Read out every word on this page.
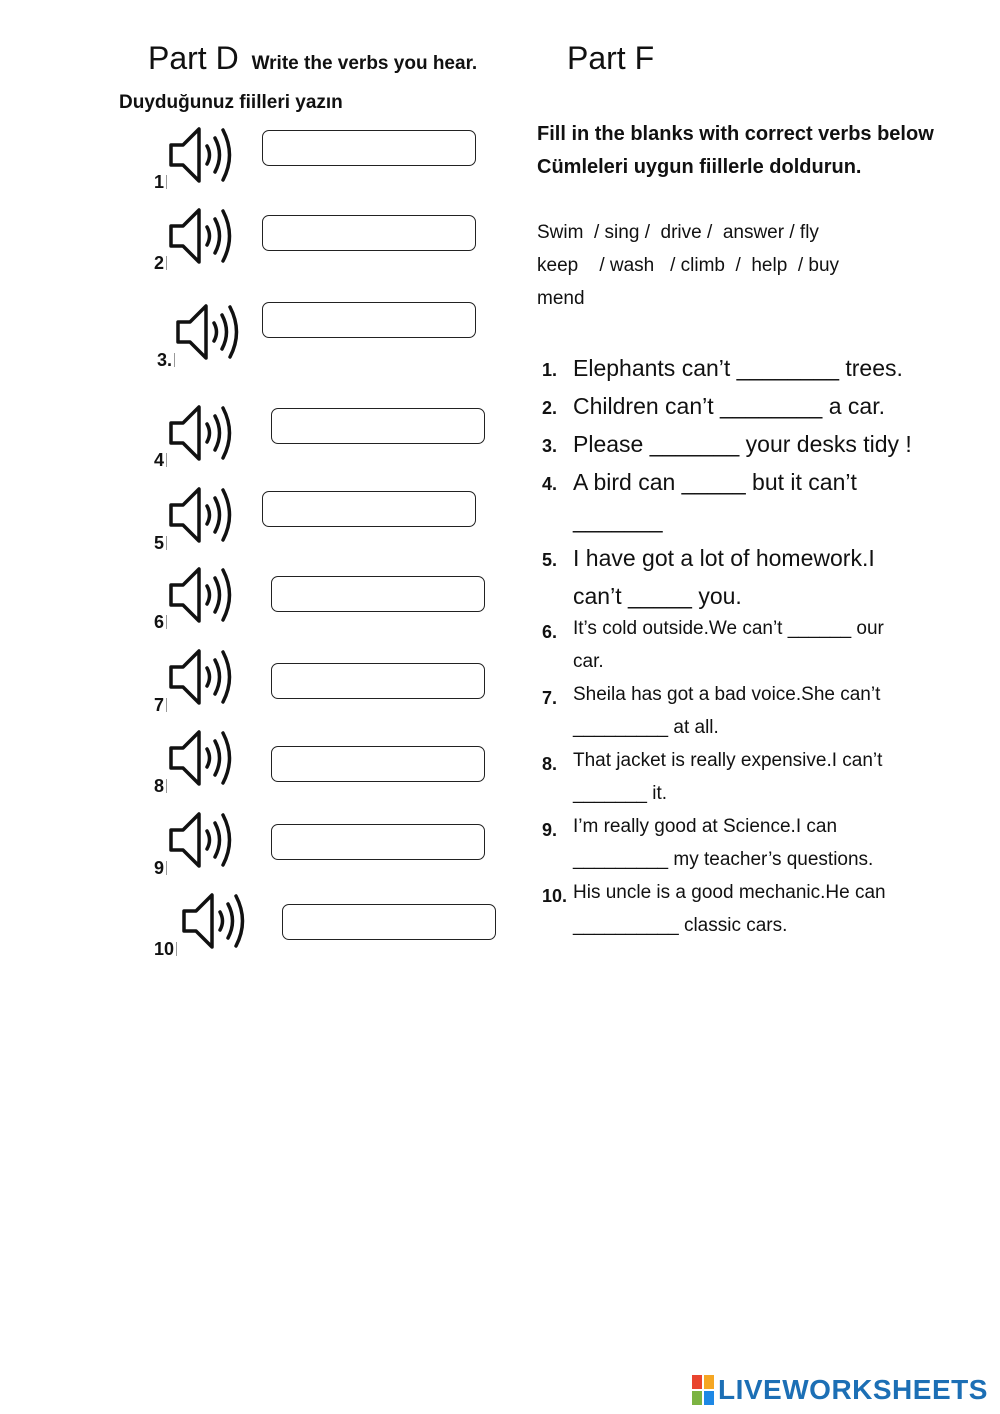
Part D Write the verbs you hear.
Duyduğunuz fiilleri yazın
1
2
3.
4
5
6
7
8
9
10
Part F
Fill in the blanks with correct verbs below
Cümleleri uygun fiillerle doldurun.
Swim  / sing /  drive /  answer / fly
keep    / wash   / climb  /  help  / buy
mend
1. Elephants can’t ________ trees.
2. Children can’t ________ a car.
3. Please _______ your desks tidy !
4. A bird can _____ but it can’t
_______
5. I have got a lot of homework.I
can’t _____ you.
6. It’s cold outside.We can’t ______ our
car.
7. Sheila has got a bad voice.She can’t
_________ at all.
8. That jacket is really expensive.I can’t
_______ it.
9. I’m really good at Science.I can
_________ my teacher’s questions.
10. His uncle is a good mechanic.He can
__________ classic cars.
LIVEWORKSHEETS
